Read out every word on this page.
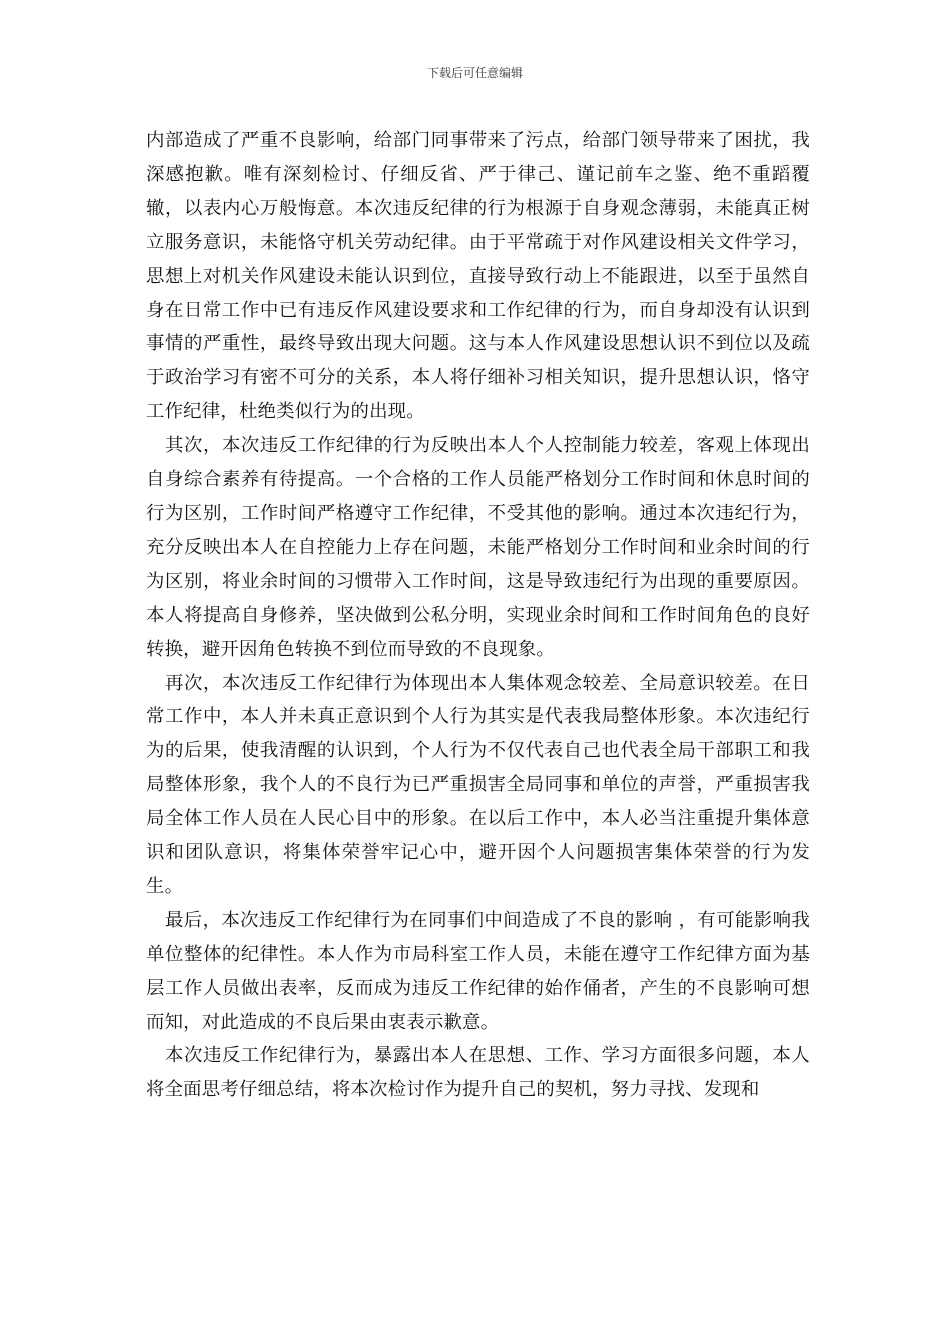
下载后可任意编辑

内部造成了严重不良影响，给部门同事带来了污点，给部门领导带来了困扰，我深感抱歉。唯有深刻检讨、仔细反省、严于律己、谨记前车之鉴、绝不重蹈覆辙，以表内心万般悔意。本次违反纪律的行为根源于自身观念薄弱，未能真正树立服务意识，未能恪守机关劳动纪律。由于平常疏于对作风建设相关文件学习，思想上对机关作风建设未能认识到位，直接导致行动上不能跟进，以至于虽然自身在日常工作中已有违反作风建设要求和工作纪律的行为，而自身却没有认识到事情的严重性，最终导致出现大问题。这与本人作风建设思想认识不到位以及疏于政治学习有密不可分的关系，本人将仔细补习相关知识，提升思想认识，恪守工作纪律，杜绝类似行为的出现。

其次，本次违反工作纪律的行为反映出本人个人控制能力较差，客观上体现出自身综合素养有待提高。一个合格的工作人员能严格划分工作时间和休息时间的行为区别，工作时间严格遵守工作纪律，不受其他的影响。通过本次违纪行为，充分反映出本人在自控能力上存在问题，未能严格划分工作时间和业余时间的行为区别，将业余时间的习惯带入工作时间，这是导致违纪行为出现的重要原因。本人将提高自身修养，坚决做到公私分明，实现业余时间和工作时间角色的良好转换，避开因角色转换不到位而导致的不良现象。

再次，本次违反工作纪律行为体现出本人集体观念较差、全局意识较差。在日常工作中，本人并未真正意识到个人行为其实是代表我局整体形象。本次违纪行为的后果，使我清醒的认识到，个人行为不仅代表自己也代表全局干部职工和我局整体形象，我个人的不良行为已严重损害全局同事和单位的声誉，严重损害我局全体工作人员在人民心目中的形象。在以后工作中，本人必当注重提升集体意识和团队意识，将集体荣誉牢记心中，避开因个人问题损害集体荣誉的行为发生。

最后，本次违反工作纪律行为在同事们中间造成了不良的影响 ，有可能影响我单位整体的纪律性。本人作为市局科室工作人员，未能在遵守工作纪律方面为基层工作人员做出表率，反而成为违反工作纪律的始作俑者，产生的不良影响可想而知，对此造成的不良后果由衷表示歉意。

本次违反工作纪律行为，暴露出本人在思想、工作、学习方面很多问题，本人将全面思考仔细总结，将本次检讨作为提升自己的契机，努力寻找、发现和
